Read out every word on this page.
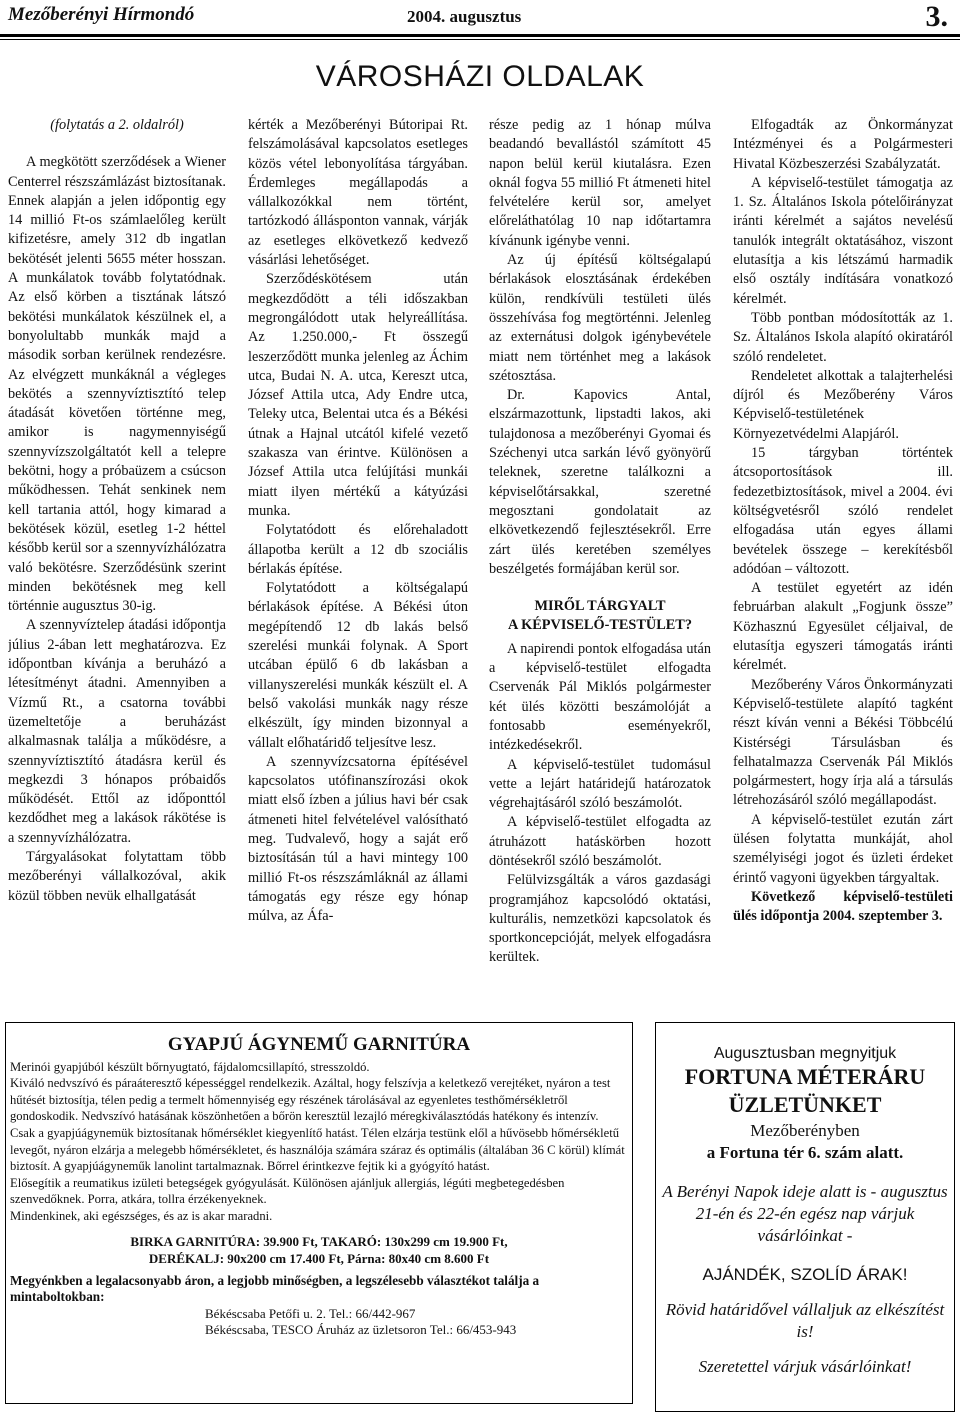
Mezőberényi Hírmondó	2004. augusztus	3.
VÁROSHÁZI OLDALAK

(folytatás a 2. oldalról)

A megkötött szerződések a Wiener Centerrel részszámlázást biztosítanak. Ennek alapján a jelen időpontig egy 14 millió Ft-os számlaelőleg került kifizetésre, amely 312 db ingatlan bekötését jelenti 5655 méter hosszan. A munkálatok tovább folytatódnak. Az első körben a tisztának látszó bekötési munkálatok készülnek el, a bonyolultabb munkák majd a második sorban kerülnek rendezésre. Az elvégzett munkáknál a végleges bekötés a szennyvíztisztító telep átadását követően történne meg, amikor is nagymennyiségű szennyvízszolgáltatót kell a telepre bekötni, hogy a próbaüzem a csúcson működhessen. Tehát senkinek nem kell tartania attól, hogy kimarad a bekötések közül, esetleg 1-2 héttel később kerül sor a szennyvízhálózatra való bekötésre. Szerződésünk szerint minden bekötésnek meg kell történnie augusztus 30-ig.

A szennyvíztelep átadási időpontja július 2-ában lett meghatározva. Ez időpontban kívánja a beruházó a létesítményt átadni. Amennyiben a Vízmű Rt., a csatorna további üzemeltetője a beruházást alkalmasnak találja a működésre, a szennyvíztisztító átadásra kerül és megkezdi 3 hónapos próbaidős működését. Ettől az időponttól kezdődhet meg a lakások rákötése is a szennyvízhálózatra.

Tárgyalásokat folytattam több mezőberényi vállalkozóval, akik közül többen nevük elhallgatását

kérték a Mezőberényi Bútoripai Rt. felszámolásával kapcsolatos esetleges közös vétel lebonyolítása tárgyában. Érdemleges megállapodás a vállalkozókkal nem történt, tartózkodó állásponton vannak, várják az esetleges elkövetkező kedvező vásárlási lehetőséget.

Szerződéskötésem után megkezdődött a téli időszakban megrongálódott utak helyreállítása. Az 1.250.000,- Ft összegű leszerződött munka jelenleg az Áchim utca, Budai N. A. utca, Kereszt utca, József Attila utca, Ady Endre utca, Teleky utca, Belentai utca és a Békési útnak a Hajnal utcától kifelé vezető szakasza van érintve. Különösen a József Attila utca felújítási munkái miatt ilyen mértékű a kátyúzási munka.

Folytatódott és előrehaladott állapotba került a 12 db szociális bérlakás építése.

Folytatódott a költségalapú bérlakások építése. A Békési úton megépítendő 12 db lakás belső szerelési munkái folynak. A Sport utcában épülő 6 db lakásban a villanyszerelési munkák készült el. A belső vakolási munkák nagy része elkészült, így minden bizonnyal a vállalt előhatáridő teljesítve lesz.

A szennyvízcsatorna építésével kapcsolatos utófinanszírozási okok miatt első ízben a július havi bér csak átmeneti hitel felvételével valósítható meg. Tudvalevő, hogy a saját erő biztosításán túl a havi mintegy 100 millió Ft-os részszámláknál az állami támogatás egy része egy hónap múlva, az Áfa-

része pedig az 1 hónap múlva beadandó bevallástól számított 45 napon belül kerül kiutalásra. Ezen oknál fogva 55 millió Ft átmeneti hitel felvételére kerül sor, amelyet előreláthatólag 10 nap időtartamra kívánunk igénybe venni.

Az új építésű költségalapú bérlakások elosztásának érdekében külön, rendkívüli testületi ülés összehívása fog megtörténni. Jelenleg az externátusi dolgok igénybevétele miatt nem történhet meg a lakások szétosztása.

Dr. Kapovics Antal, elszármazottunk, lipstadti lakos, aki tulajdonosa a mezőberényi Gyomai és Széchenyi utca sarkán lévő gyönyörű teleknek, szeretne találkozni a képviselőtársakkal, szeretné megosztani gondolatait az elkövetkezendő fejlesztésekről. Erre zárt ülés keretében személyes beszélgetés formájában kerül sor.

MIRŐL TÁRGYALT

A KÉPVISELŐ-TESTÜLET?

A napirendi pontok elfogadása után a képviselő-testület elfogadta Cservenák Pál Miklós polgármester két ülés közötti beszámolóját a fontosabb eseményekről, intézkedésekről.

A képviselő-testület tudomásul vette a lejárt határidejű határozatok végrehajtásáról szóló beszámolót.

A képviselő-testület elfogadta az átruházott hatáskörben hozott döntésekről szóló beszámolót.

Felülvizsgálták a város gazdasági programjához kapcsolódó oktatási, kulturális, nemzetközi kapcsolatok és sportkoncepcióját, melyek elfogadásra kerültek.

Elfogadták az Önkormányzat Intézményei és a Polgármesteri Hivatal Közbeszerzési Szabályzatát.

A képviselő-testület támogatja az 1. Sz. Általános Iskola pótelőirányzat iránti kérelmét a sajátos nevelésű tanulók integrált oktatásához, viszont elutasítja a kis létszámú harmadik első osztály indítására vonatkozó kérelmét.

Több pontban módosították az 1. Sz. Általános Iskola alapító okiratáról szóló rendeletet.

Rendeletet alkottak a talajterhelési díjról és Mezőberény Város Képviselő-testületének Környezetvédelmi Alapjáról.

15 tárgyban történtek átcsoportosítások ill. fedezetbiztosítások, mivel a 2004. évi költségvetésről szóló rendelet elfogadása után egyes állami bevételek összege – kerekítésből adódóan – változott.

A testület egyetért az idén februárban alakult „Fogjunk össze” Közhasznú Egyesület céljaival, de elutasítja egyszeri támogatás iránti kérelmét.

Mezőberény Város Önkormányzati Képviselő-testülete alapító tagként részt kíván venni a Békési Többcélú Kistérségi Társulásban és felhatalmazza Cservenák Pál Miklós polgármestert, hogy írja alá a társulás létrehozásáról szóló megállapodást.

A képviselő-testület ezután zárt ülésen folytatta munkáját, ahol személyiségi jogot és üzleti érdeket érintő vagyoni ügyekben tárgyaltak.

Következő képviselő-testületi ülés időpontja 2004. szeptember 3.

GYAPJÚ ÁGYNEMŰ GARNITÚRA

Merinói gyapjúból készült bőrnyugtató, fájdalomcsillapító, stresszoldó.

Kiváló nedvszívó és páraáteresztő képességgel rendelkezik. Azáltal, hogy felszívja a keletkező verejtéket, nyáron a test hűtését biztosítja, télen pedig a termelt hőmennyiség egy részének tárolásával az egyenletes testhőmérsékletről gondoskodik. Nedvszívó hatásának köszönhetően a bőrön keresztül lezajló méregkiválasztódás hatékony és intenzív.

Csak a gyapjúágynemük biztosítanak hőmérséklet kiegyenlítő hatást. Télen elzárja testünk elől a hűvösebb hőmérsékletű levegőt, nyáron elzárja a melegebb hőmérsékletet, és használója számára száraz és optimális (általában 36 C körül) klímát biztosít. A gyapjúágyneműk lanolint tartalmaznak. Bőrrel érintkezve fejtik ki a gyógyító hatást.

Elősegítik a reumatikus izületi betegségek gyógyulását. Különösen ajánljuk allergiás, légúti megbetegedésben szenvedőknek. Porra, atkára, tollra érzékenyeknek.

Mindenkinek, aki egészséges, és az is akar maradni.

BIRKA GARNITÚRA: 39.900 Ft, TAKARÓ: 130x299 cm 19.900 Ft,
DERÉKALJ: 90x200 cm 17.400 Ft, Párna: 80x40 cm 8.600 Ft

Megyénkben a legalacsonyabb áron, a legjobb minőségben, a legszélesebb választékot találja a mintaboltokban:

Békéscsaba Petőfi u. 2. Tel.: 66/442-967
Békéscsaba, TESCO Áruház az üzletsoron Tel.: 66/453-943
Augusztusban megnyitjuk
FORTUNA MÉTERÁRU ÜZLETÜNKET
Mezőberényben
a Fortuna tér 6. szám alatt.
A Berényi Napok ideje alatt is - augusztus 21-én és 22-én egész nap várjuk vásárlóinkat -
AJÁNDÉK, SZOLÍD ÁRAK!
Rövid határidővel vállaljuk az elkészítést is!
Szeretettel várjuk vásárlóinkat!
